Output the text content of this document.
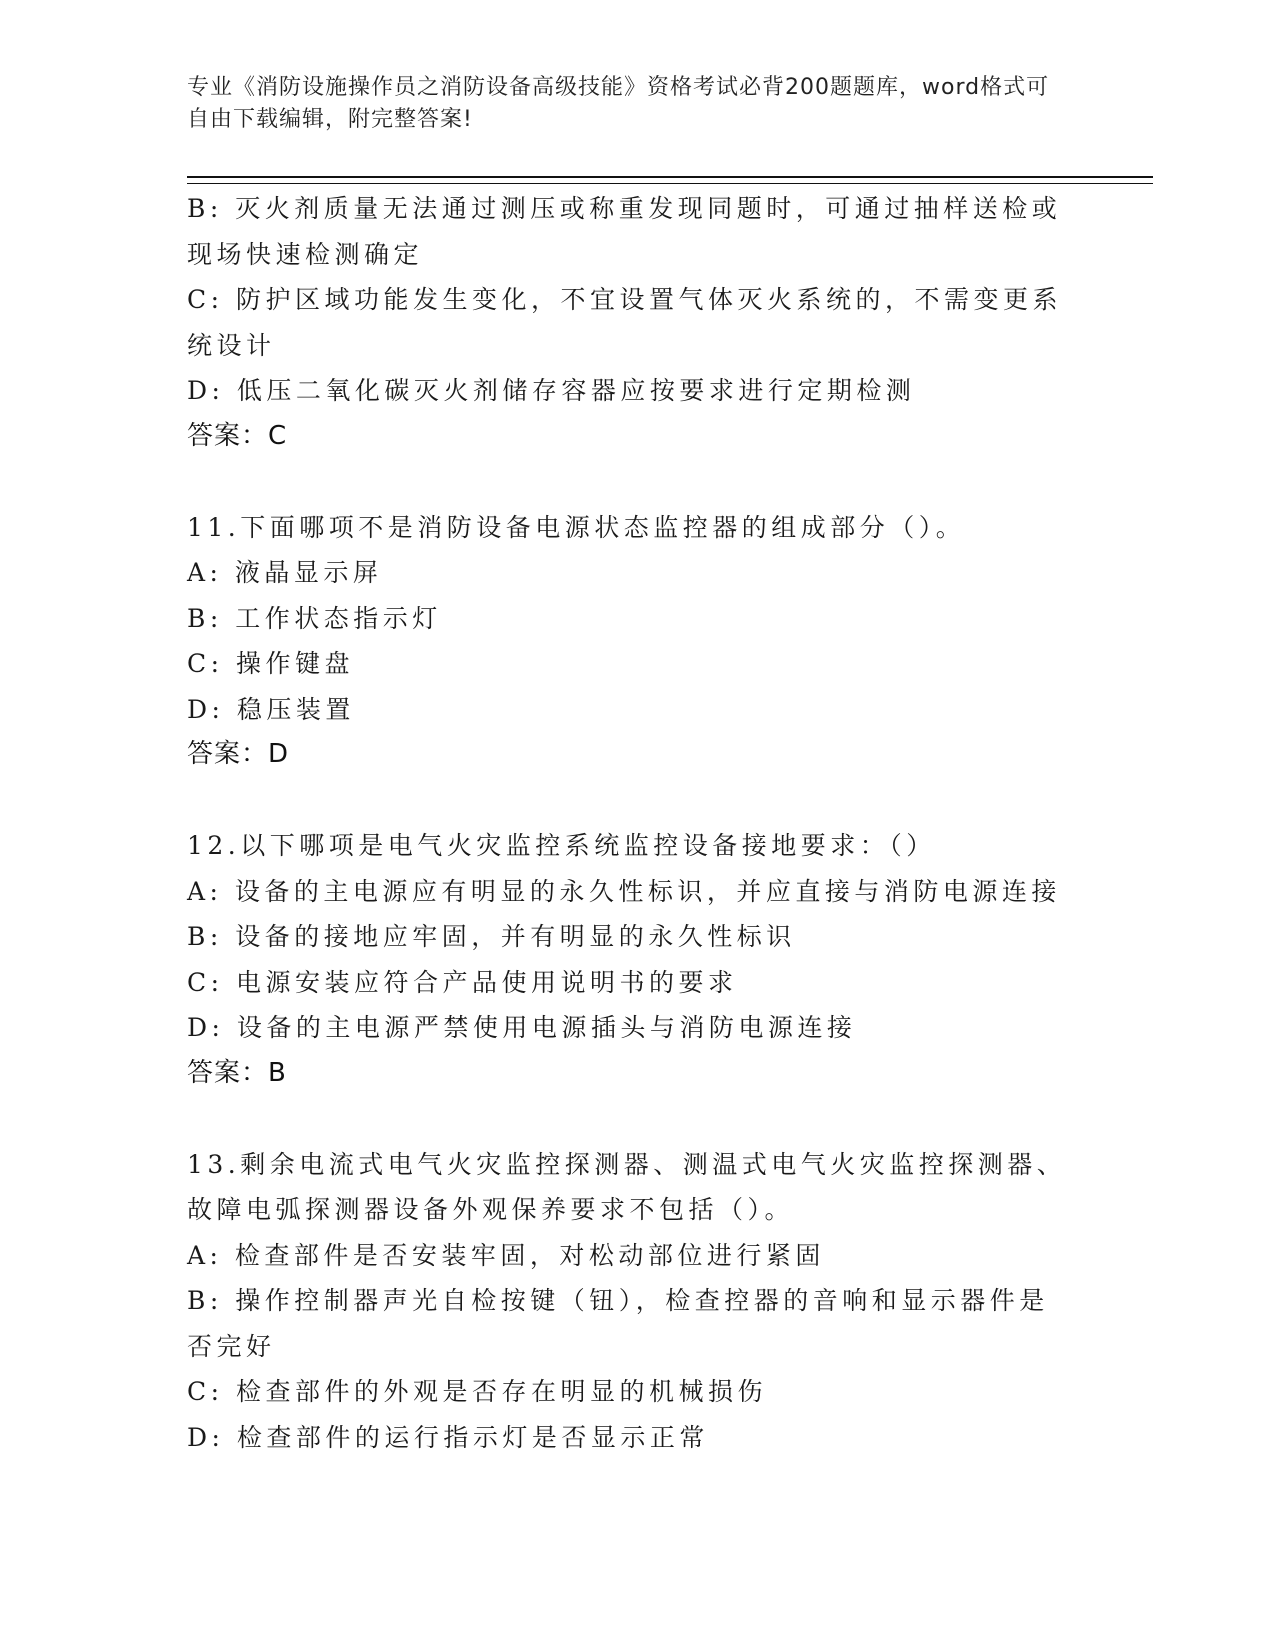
专业《消防设施操作员之消防设备高级技能》资格考试必背200题题库，word格式可自由下载编辑，附完整答案!
B: 灭火剂质量无法通过测压或称重发现同题时，可通过抽样送检或现场快速检测确定
C: 防护区域功能发生变化，不宜设置气体灭火系统的，不需变更系统设计
D: 低压二氧化碳灭火剂储存容器应按要求进行定期检测
答案：C
11.下面哪项不是消防设备电源状态监控器的组成部分（）。
A: 液晶显示屏
B: 工作状态指示灯
C: 操作键盘
D: 稳压装置
答案：D
12.以下哪项是电气火灾监控系统监控设备接地要求：（）
A: 设备的主电源应有明显的永久性标识，并应直接与消防电源连接
B: 设备的接地应牢固，并有明显的永久性标识
C: 电源安装应符合产品使用说明书的要求
D: 设备的主电源严禁使用电源插头与消防电源连接
答案：B
13.剩余电流式电气火灾监控探测器、测温式电气火灾监控探测器、故障电弧探测器设备外观保养要求不包括（）。
A: 检查部件是否安装牢固，对松动部位进行紧固
B: 操作控制器声光自检按键（钮），检查控器的音响和显示器件是否完好
C: 检查部件的外观是否存在明显的机械损伤
D: 检查部件的运行指示灯是否显示正常
